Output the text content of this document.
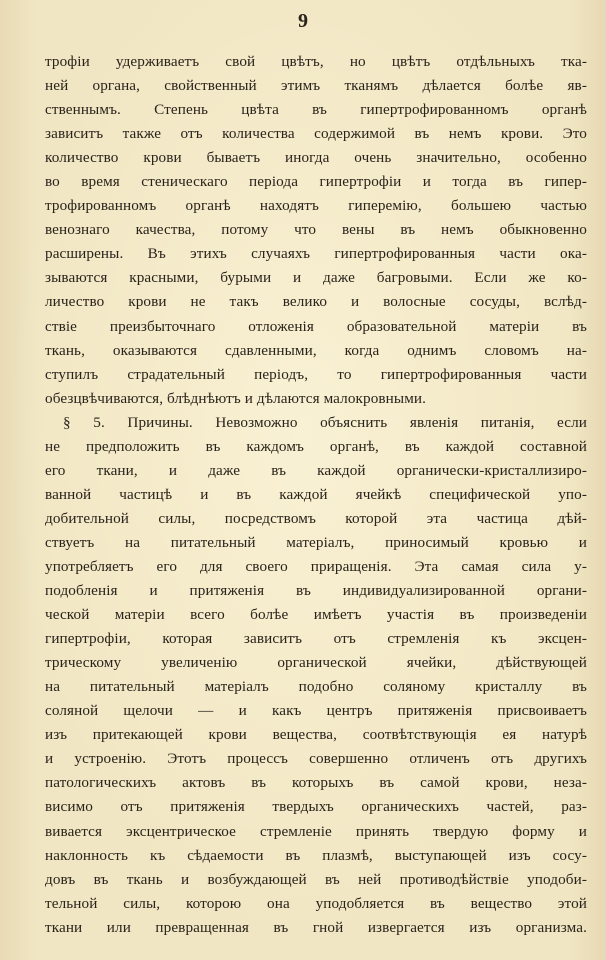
9
трофіи удерживаетъ свой цвѣтъ, но цвѣтъ отдѣльныхъ тка-
ней органа, свойственный этимъ тканямъ дѣлается болѣе яв-
ственнымъ. Степень цвѣта въ гипертрофированномъ органѣ
зависитъ также отъ количества содержимой въ немъ крови. Это
количество крови бываетъ иногда очень значительно, особенно
во время стеническаго періода гипертрофіи и тогда въ гипер-
трофированномъ органѣ находятъ гиперемію, большею частью
венознаго качества, потому что вены въ немъ обыкновенно
расширены. Въ этихъ случаяхъ гипертрофированныя части ока-
зываются красными, бурыми и даже багровыми. Если же ко-
личество крови не такъ велико и волосные сосуды, вслѣд-
ствіе преизбыточнаго отложенія образовательной матеріи въ
ткань, оказываются сдавленными, когда однимъ словомъ на-
ступилъ страдательный періодъ, то гипертрофированныя части
обезцвѣчиваются, блѣднѣютъ и дѣлаются малокровными.
§ 5. Причины. Невозможно объяснить явленія питанія, если
не предположить въ каждомъ органѣ, въ каждой составной
его ткани, и даже въ каждой органически-кристаллизиро-
ванной частицѣ и въ каждой ячейкѣ специфической упо-
добительной силы, посредствомъ которой эта частица дѣй-
ствуетъ на питательный матеріалъ, приносимый кровью и
употребляетъ его для своего приращенія. Эта самая сила у-
подобленія и притяженія въ индивидуализированной органи-
ческой матеріи всего болѣе имѣетъ участія въ произведеніи
гипертрофіи, которая зависитъ отъ стремленія къ эксцен-
трическому увеличенію органической ячейки, дѣйствующей
на питательный матеріалъ подобно соляному кристаллу въ
соляной щелочи — и какъ центръ притяженія присвоиваетъ
изъ притекающей крови вещества, соотвѣтствующія ея натурѣ
и устроенію. Этотъ процессъ совершенно отличенъ отъ другихъ
патологическихъ актовъ въ которыхъ въ самой крови, неза-
висимо отъ притяженія твердыхъ органическихъ частей, раз-
вивается эксцентрическое стремленіе принять твердую форму и
наклонность къ сѣдаемости въ плазмѣ, выступающей изъ сосу-
довъ въ ткань и возбуждающей въ ней противодѣйствіе уподоби-
тельной силы, которою она уподобляется въ вещество этой
ткани или превращенная въ гной извергается изъ организма.
